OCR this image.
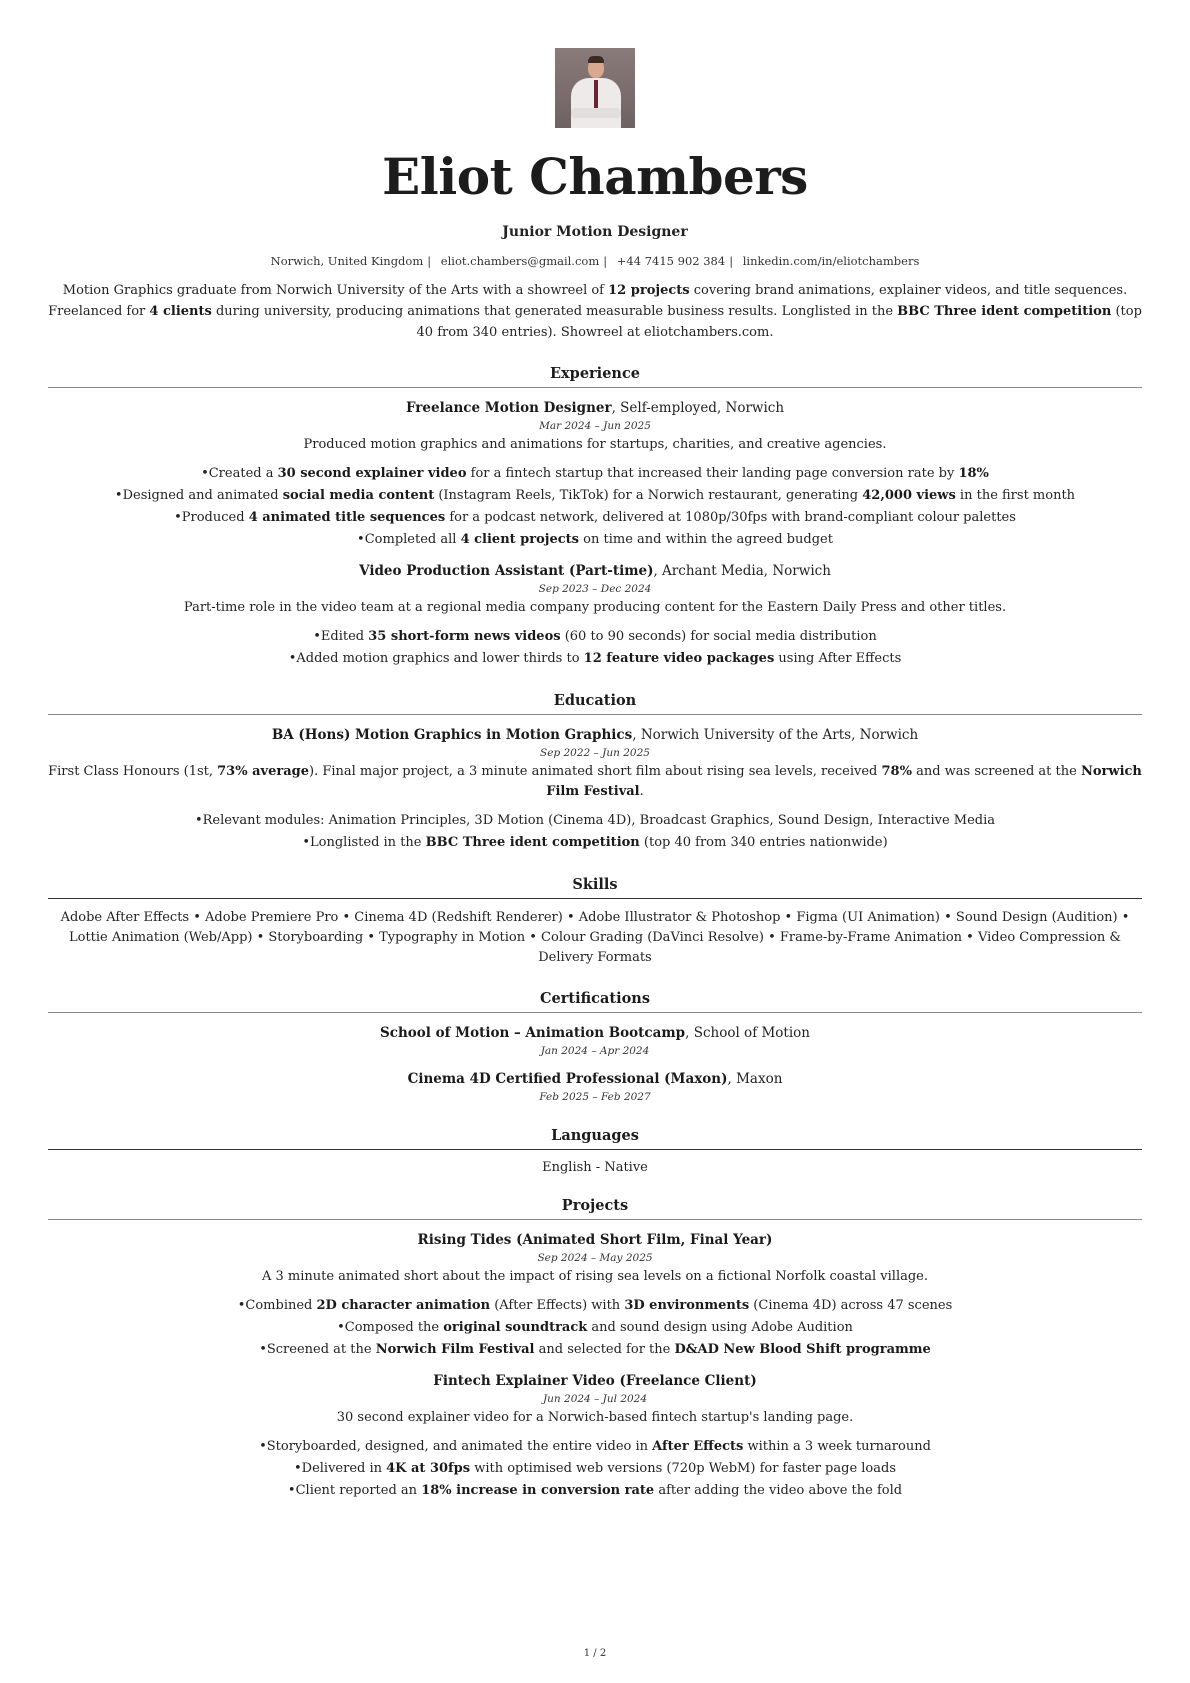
Eliot Chambers
Junior Motion Designer
Norwich, United Kingdom | eliot.chambers@gmail.com | +44 7415 902 384 | linkedin.com/in/eliotchambers
Motion Graphics graduate from Norwich University of the Arts with a showreel of 12 projects covering brand animations, explainer videos, and title sequences. Freelanced for 4 clients during university, producing animations that generated measurable business results. Longlisted in the BBC Three ident competition (top 40 from 340 entries). Showreel at eliotchambers.com.
Experience
Freelance Motion Designer, Self-employed, Norwich
Mar 2024 – Jun 2025
Produced motion graphics and animations for startups, charities, and creative agencies.
• Created a 30 second explainer video for a fintech startup that increased their landing page conversion rate by 18%
• Designed and animated social media content (Instagram Reels, TikTok) for a Norwich restaurant, generating 42,000 views in the first month
• Produced 4 animated title sequences for a podcast network, delivered at 1080p/30fps with brand-compliant colour palettes
• Completed all 4 client projects on time and within the agreed budget
Video Production Assistant (Part-time), Archant Media, Norwich
Sep 2023 – Dec 2024
Part-time role in the video team at a regional media company producing content for the Eastern Daily Press and other titles.
• Edited 35 short-form news videos (60 to 90 seconds) for social media distribution
• Added motion graphics and lower thirds to 12 feature video packages using After Effects
Education
BA (Hons) Motion Graphics in Motion Graphics, Norwich University of the Arts, Norwich
Sep 2022 – Jun 2025
First Class Honours (1st, 73% average). Final major project, a 3 minute animated short film about rising sea levels, received 78% and was screened at the Norwich Film Festival.
• Relevant modules: Animation Principles, 3D Motion (Cinema 4D), Broadcast Graphics, Sound Design, Interactive Media
• Longlisted in the BBC Three ident competition (top 40 from 340 entries nationwide)
Skills
Adobe After Effects • Adobe Premiere Pro • Cinema 4D (Redshift Renderer) • Adobe Illustrator & Photoshop • Figma (UI Animation) • Sound Design (Audition) • Lottie Animation (Web/App) • Storyboarding • Typography in Motion • Colour Grading (DaVinci Resolve) • Frame-by-Frame Animation • Video Compression & Delivery Formats
Certifications
School of Motion – Animation Bootcamp, School of Motion
Jan 2024 – Apr 2024
Cinema 4D Certified Professional (Maxon), Maxon
Feb 2025 – Feb 2027
Languages
English - Native
Projects
Rising Tides (Animated Short Film, Final Year)
Sep 2024 – May 2025
A 3 minute animated short about the impact of rising sea levels on a fictional Norfolk coastal village.
• Combined 2D character animation (After Effects) with 3D environments (Cinema 4D) across 47 scenes
• Composed the original soundtrack and sound design using Adobe Audition
• Screened at the Norwich Film Festival and selected for the D&AD New Blood Shift programme
Fintech Explainer Video (Freelance Client)
Jun 2024 – Jul 2024
30 second explainer video for a Norwich-based fintech startup's landing page.
• Storyboarded, designed, and animated the entire video in After Effects within a 3 week turnaround
• Delivered in 4K at 30fps with optimised web versions (720p WebM) for faster page loads
• Client reported an 18% increase in conversion rate after adding the video above the fold
1 / 2
